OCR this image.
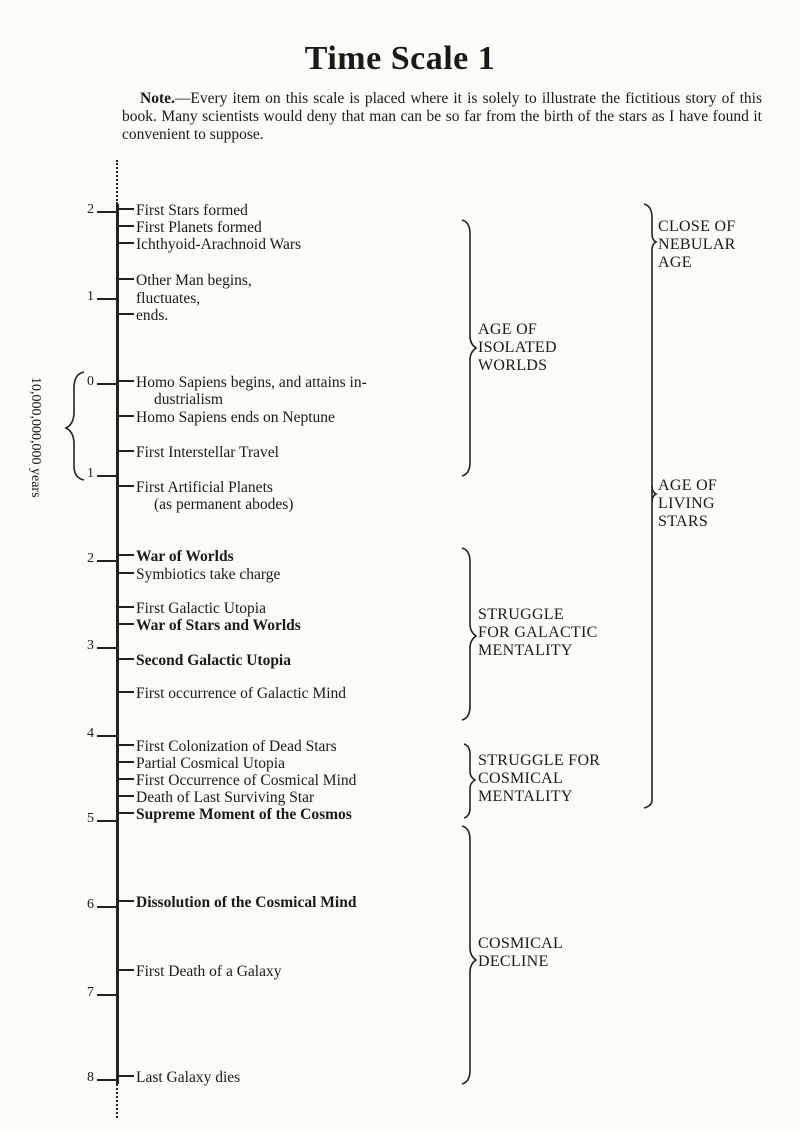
Time Scale 1
Note.—Every item on this scale is placed where it is solely to illustrate the fictitious story of this book. Many scientists would deny that man can be so far from the birth of the stars as I have found it convenient to suppose.
10,000,000,000 years
2
1
0
1
2
3
4
5
6
7
8
First Stars formed
First Planets formed
Ichthyoid-Arachnoid Wars
Other Man begins,
fluctuates,
ends.
Homo Sapiens begins, and attains in-
dustrialism
Homo Sapiens ends on Neptune
First Interstellar Travel
First Artificial Planets
(as permanent abodes)
War of Worlds
Symbiotics take charge
First Galactic Utopia
War of Stars and Worlds
Second Galactic Utopia
First occurrence of Galactic Mind
First Colonization of Dead Stars
Partial Cosmical Utopia
First Occurrence of Cosmical Mind
Death of Last Surviving Star
Supreme Moment of the Cosmos
Dissolution of the Cosmical Mind
First Death of a Galaxy
Last Galaxy dies
AGE OF
ISOLATED
WORLDS
STRUGGLE
FOR GALACTIC
MENTALITY
STRUGGLE FOR
COSMICAL
MENTALITY
COSMICAL
DECLINE
CLOSE OF
NEBULAR
AGE
AGE OF
LIVING
STARS
